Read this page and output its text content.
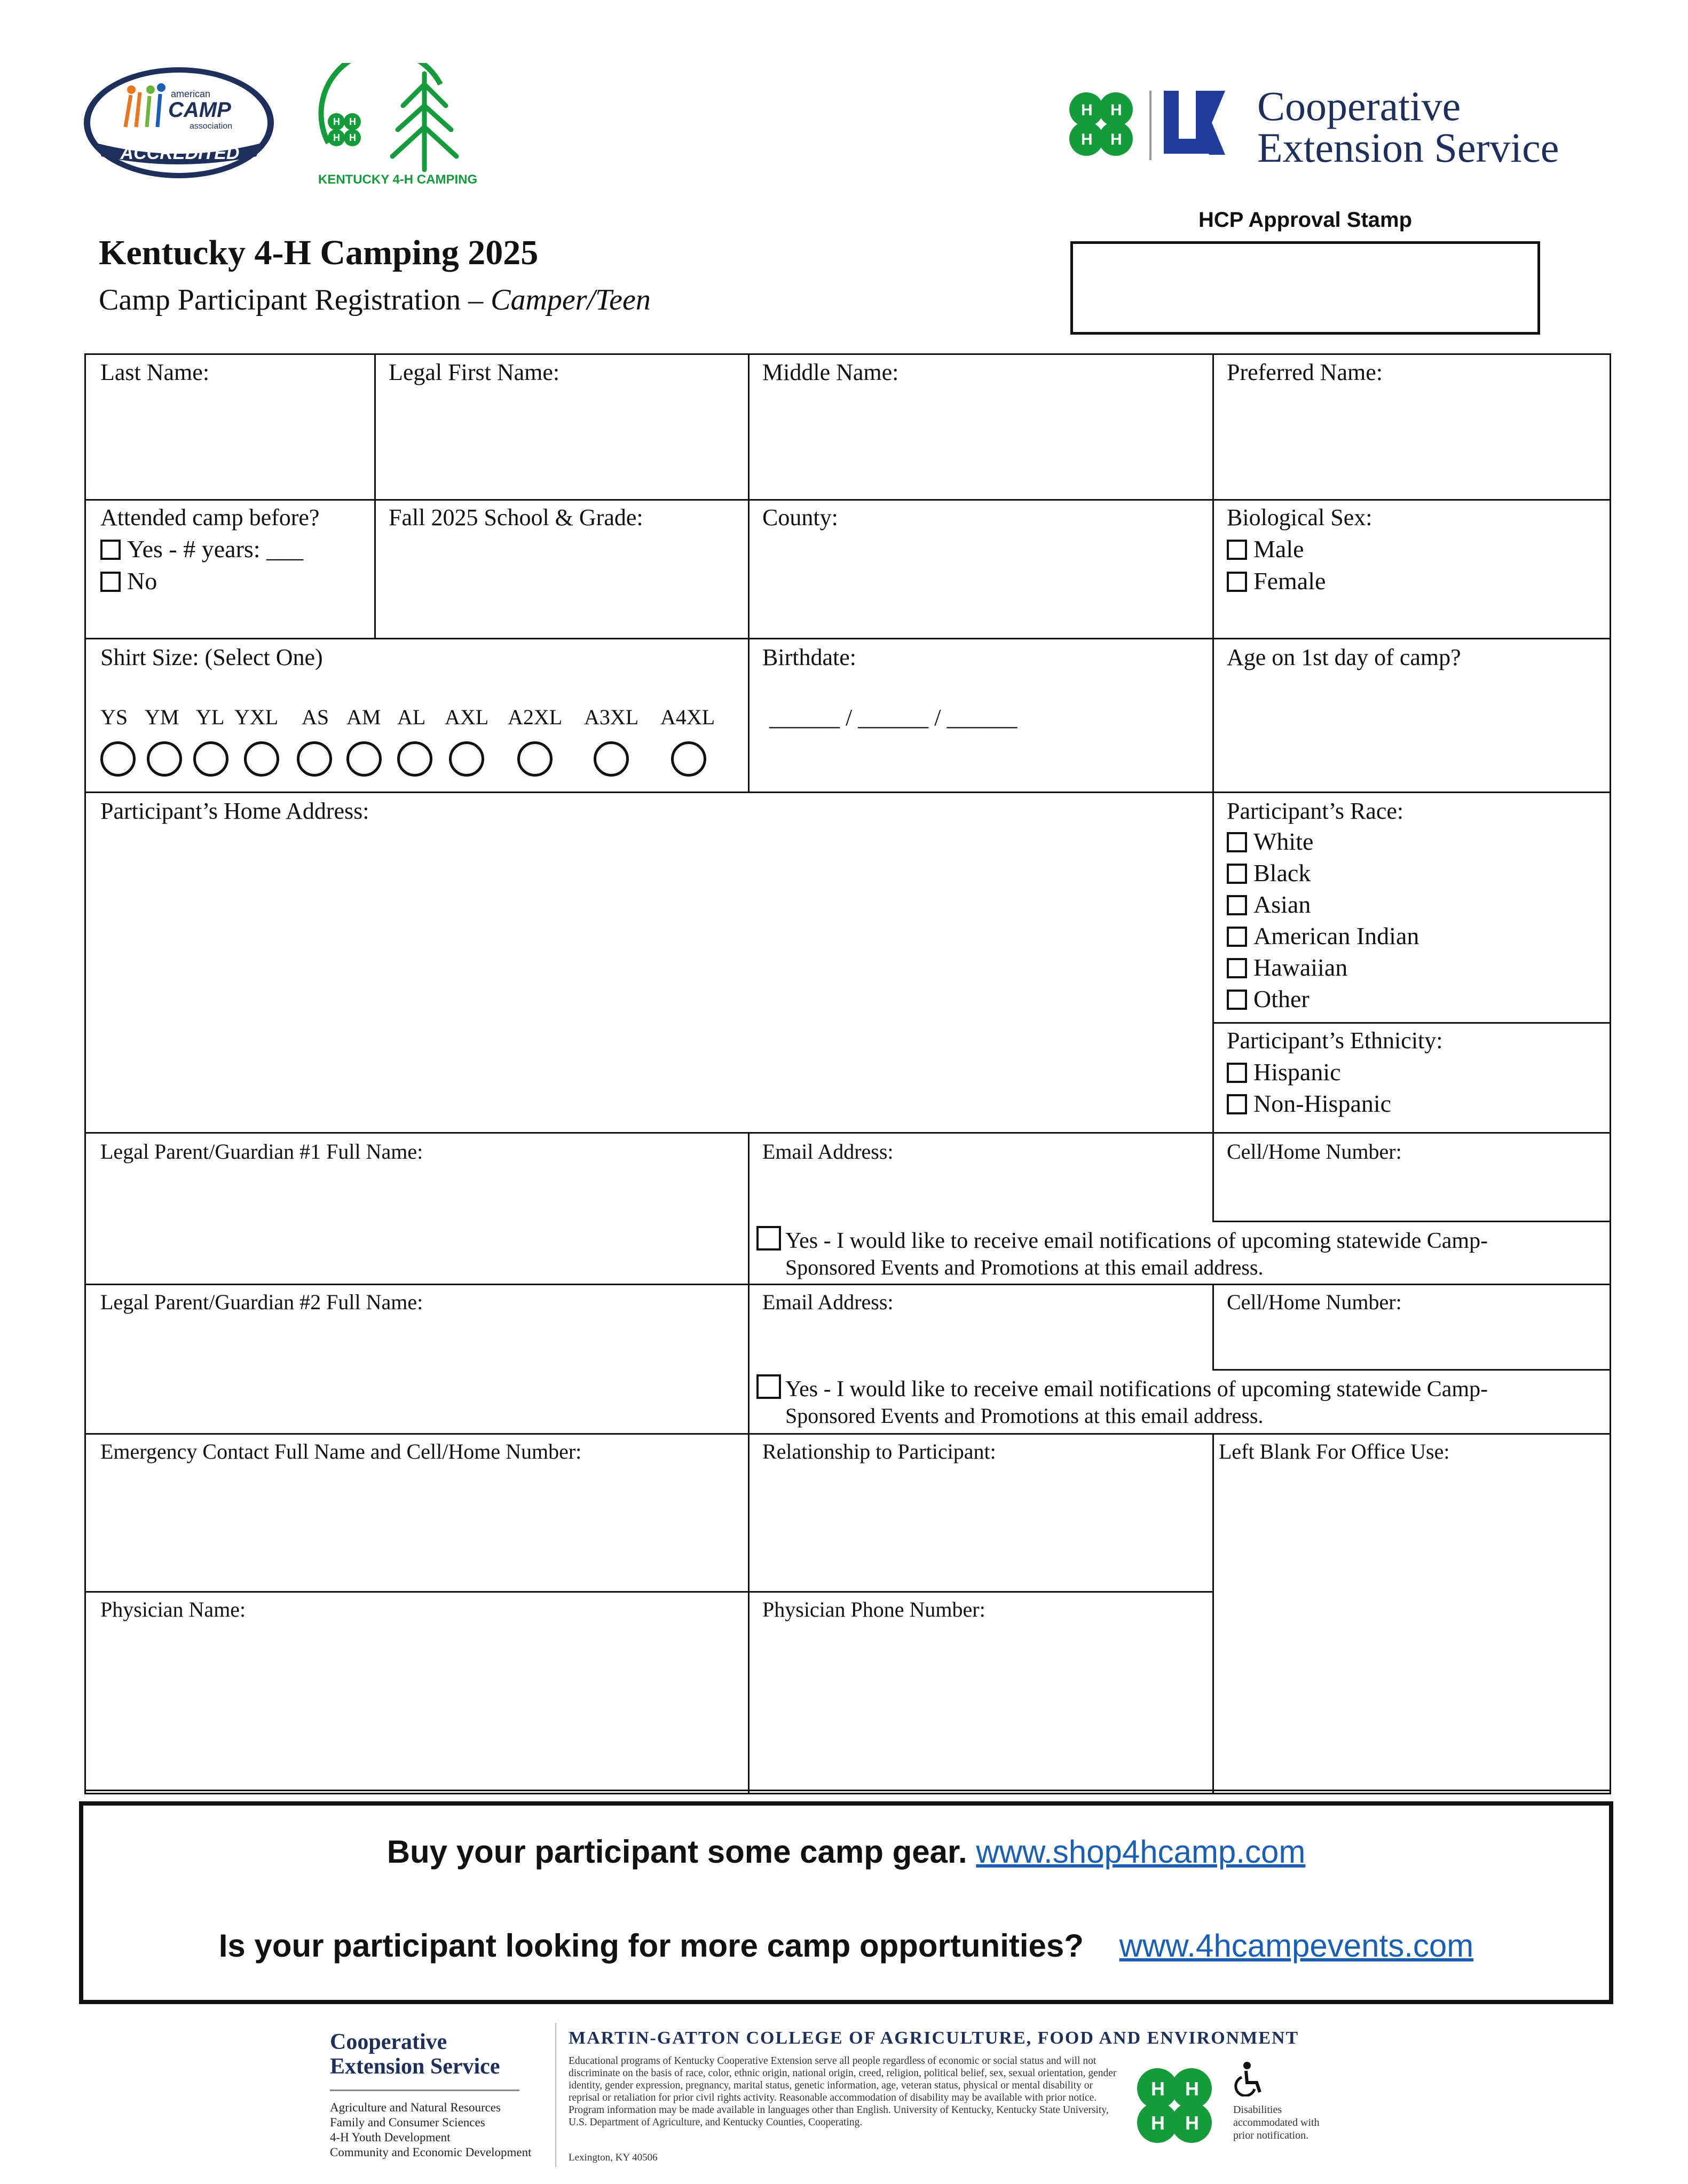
american
CAMP
association
ACCREDITED
H H
H H
KENTUCKY 4-H CAMPING
H H
H H
Cooperative
Extension Service
Kentucky 4-H Camping 2025
Camp Participant Registration – Camper/Teen
HCP Approval Stamp
Last Name:	Legal First Name:	Middle Name:	Preferred Name:
Attended camp before?
Yes - # years: ___
No
Fall 2025 School & Grade:	County:	Biological Sex:
Male
Female
Shirt Size: (Select One)
YS YM YL YXL AS AM AL AXL A2XL A3XL A4XL
Birthdate:
______ / ______ / ______
Age on 1st day of camp?
Participant’s Home Address:	Participant’s Race:
White
Black
Asian
American Indian
Hawaiian
Other
Participant’s Ethnicity:
Hispanic
Non-Hispanic
Legal Parent/Guardian #1 Full Name:	Email Address:	Cell/Home Number:
Yes - I would like to receive email notifications of upcoming statewide Camp-
Sponsored Events and Promotions at this email address.
Legal Parent/Guardian #2 Full Name:	Email Address:	Cell/Home Number:
Yes - I would like to receive email notifications of upcoming statewide Camp-
Sponsored Events and Promotions at this email address.
Emergency Contact Full Name and Cell/Home Number:	Relationship to Participant:	Left Blank For Office Use:
Physician Name:	Physician Phone Number:
Buy your participant some camp gear. www.shop4hcamp.com
Is your participant looking for more camp opportunities? www.4hcampevents.com
Cooperative
Extension Service
Agriculture and Natural Resources
Family and Consumer Sciences
4-H Youth Development
Community and Economic Development
MARTIN-GATTON COLLEGE OF AGRICULTURE, FOOD AND ENVIRONMENT
Educational programs of Kentucky Cooperative Extension serve all people regardless of economic or social status and will not discriminate on the basis of race, color, ethnic origin, national origin, creed, religion, political belief, sex, sexual orientation, gender identity, gender expression, pregnancy, marital status, genetic information, age, veteran status, physical or mental disability or reprisal or retaliation for prior civil rights activity. Reasonable accommodation of disability may be available with prior notice. Program information may be made available in languages other than English. University of Kentucky, Kentucky State University, U.S. Department of Agriculture, and Kentucky Counties, Cooperating.
Lexington, KY 40506
H H
H H
Disabilities accommodated with prior notification.
